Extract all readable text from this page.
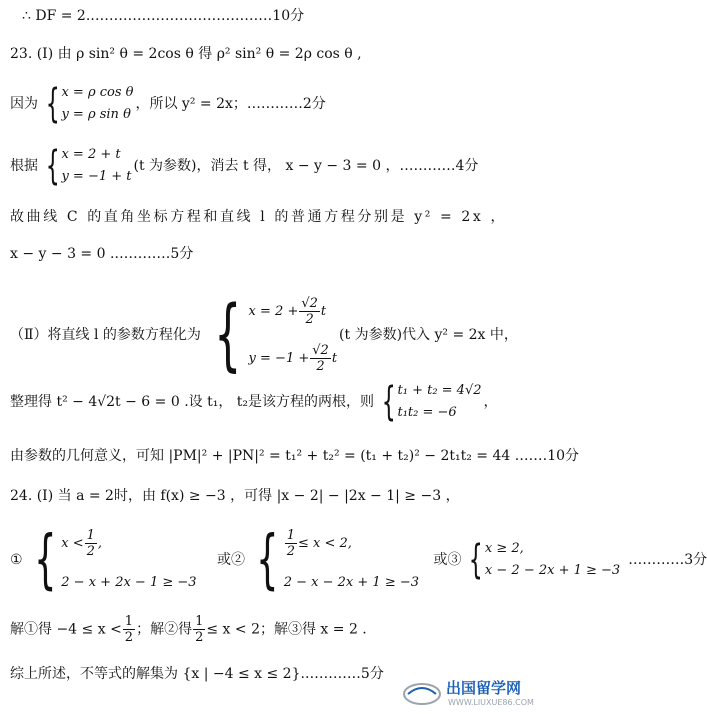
∴ DF = 2.…………………………………10分
23. (Ⅰ) 由 ρ sin² θ = 2cos θ 得 ρ² sin² θ = 2ρ cos θ ,
因为 { x = ρ cos θ
y = ρ sin θ
，所以 y² = 2x；…………2分
根据 { x = 2 + t
y = −1 + t
(t 为参数)，消去 t 得， x − y − 3 = 0 ，…………4分
故曲线 C 的直角坐标方程和直线 l 的普通方程分别是 y² = 2x ，
x − y − 3 = 0 .…………5分
（Ⅱ）将直线 l 的参数方程化为 { $x = 2 + \frac{√2}{2}$ t
$y = -1 + \frac{√2}{2}$ t
(t 为参数)代入 y² = 2x 中，
整理得 t² − 4√2t − 6 = 0 .设 t₁， t₂是该方程的两根，则 { t₁ + t₂ = 4√2
t₁t₂ = −6
，
由参数的几何意义，可知 |PM|² + |PN|² = t₁² + t₂² = (t₁ + t₂)² − 2t₁t₂ = 44 .……10分
24. (Ⅰ) 当 a = 2时，由 f(x) ≥ −3 ，可得 |x − 2| − |2x − 1| ≥ −3 ，
① { $x < \frac{1}{2}$ ,
2 − x + 2x − 1 ≥ −3
或② { $\frac{1}{2} \le x < 2$,
2 − x − 2x + 1 ≥ −3
或③ { x ≥ 2,
x − 2 − 2x + 1 ≥ −3
…………3分
解①得 $-4 \le x < \frac{1}{2}$ ；解②得 $\frac{1}{2} \le x < 2$；解③得 x = 2 .
综上所述，不等式的解集为 {x | −4 ≤ x ≤ 2}.…………5分
出国留学网
WWW.LIUXUE86.COM
